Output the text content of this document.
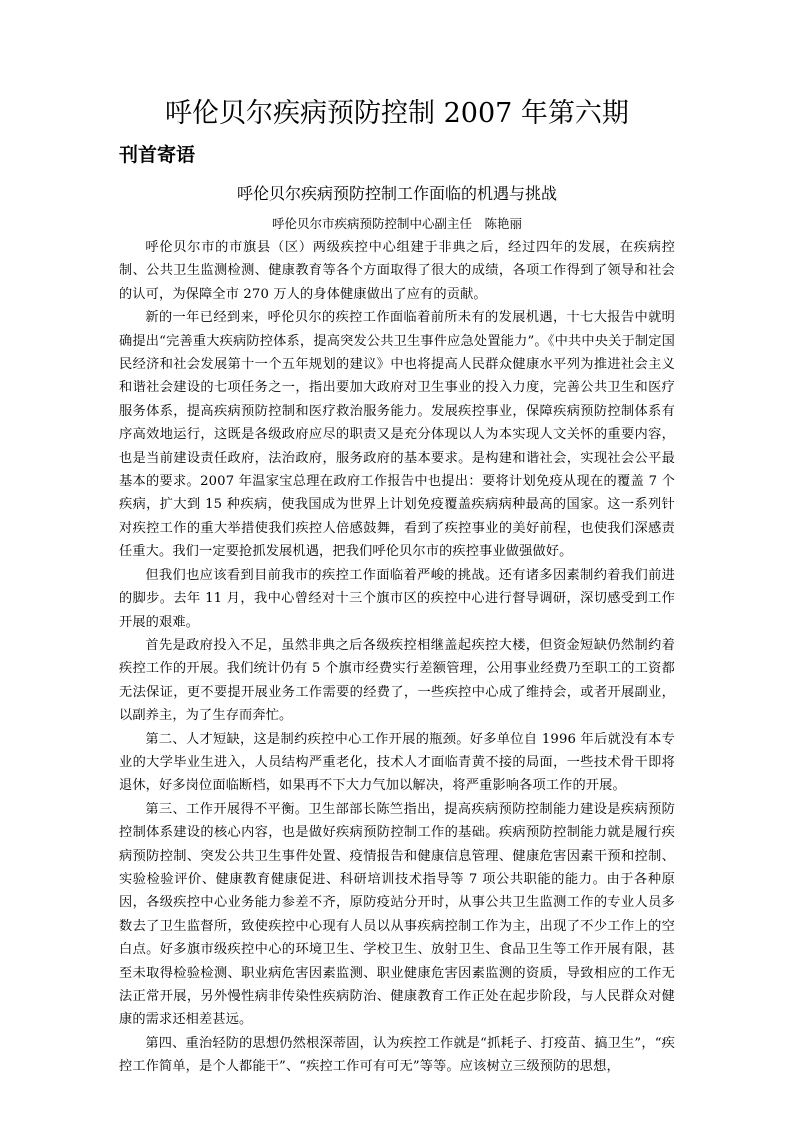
呼伦贝尔疾病预防控制 2007 年第六期
刊首寄语
呼伦贝尔疾病预防控制工作面临的机遇与挑战
呼伦贝尔市疾病预防控制中心副主任　陈艳丽

呼伦贝尔市的市旗县（区）两级疾控中心组建于非典之后，经过四年的发展，在疾病控制、公共卫生监测检测、健康教育等各个方面取得了很大的成绩，各项工作得到了领导和社会的认可，为保障全市 270 万人的身体健康做出了应有的贡献。

新的一年已经到来，呼伦贝尔的疾控工作面临着前所未有的发展机遇，十七大报告中就明确提出“完善重大疾病防控体系，提高突发公共卫生事件应急处置能力”。《中共中央关于制定国民经济和社会发展第十一个五年规划的建议》中也将提高人民群众健康水平列为推进社会主义和谐社会建设的七项任务之一，指出要加大政府对卫生事业的投入力度，完善公共卫生和医疗服务体系，提高疾病预防控制和医疗救治服务能力。发展疾控事业，保障疾病预防控制体系有序高效地运行，这既是各级政府应尽的职责又是充分体现以人为本实现人文关怀的重要内容，也是当前建设责任政府，法治政府，服务政府的基本要求。是构建和谐社会，实现社会公平最基本的要求。2007 年温家宝总理在政府工作报告中也提出：要将计划免疫从现在的覆盖 7 个疾病，扩大到 15 种疾病，使我国成为世界上计划免疫覆盖疾病病种最高的国家。这一系列针对疾控工作的重大举措使我们疾控人倍感鼓舞，看到了疾控事业的美好前程，也使我们深感责任重大。我们一定要抢抓发展机遇，把我们呼伦贝尔市的疾控事业做强做好。

但我们也应该看到目前我市的疾控工作面临着严峻的挑战。还有诸多因素制约着我们前进的脚步。去年 11 月，我中心曾经对十三个旗市区的疾控中心进行督导调研，深切感受到工作开展的艰难。

首先是政府投入不足，虽然非典之后各级疾控相继盖起疾控大楼，但资金短缺仍然制约着疾控工作的开展。我们统计仍有 5 个旗市经费实行差额管理，公用事业经费乃至职工的工资都无法保证，更不要提开展业务工作需要的经费了，一些疾控中心成了维持会，或者开展副业，以副养主，为了生存而奔忙。

第二、人才短缺，这是制约疾控中心工作开展的瓶颈。好多单位自 1996 年后就没有本专业的大学毕业生进入，人员结构严重老化，技术人才面临青黄不接的局面，一些技术骨干即将退休，好多岗位面临断档，如果再不下大力气加以解决，将严重影响各项工作的开展。

第三、工作开展得不平衡。卫生部部长陈竺指出，提高疾病预防控制能力建设是疾病预防控制体系建设的核心内容，也是做好疾病预防控制工作的基础。疾病预防控制能力就是履行疾病预防控制、突发公共卫生事件处置、疫情报告和健康信息管理、健康危害因素干预和控制、实验检验评价、健康教育健康促进、科研培训技术指导等 7 项公共职能的能力。由于各种原因，各级疾控中心业务能力参差不齐，原防疫站分开时，从事公共卫生监测工作的专业人员多数去了卫生监督所，致使疾控中心现有人员以从事疾病控制工作为主，出现了不少工作上的空白点。好多旗市级疾控中心的环境卫生、学校卫生、放射卫生、食品卫生等工作开展有限，甚至未取得检验检测、职业病危害因素监测、职业健康危害因素监测的资质，导致相应的工作无法正常开展，另外慢性病非传染性疾病防治、健康教育工作正处在起步阶段，与人民群众对健康的需求还相差甚远。

第四、重治轻防的思想仍然根深蒂固，认为疾控工作就是“抓耗子、打疫苗、搞卫生”，“疾控工作简单，是个人都能干”、“疾控工作可有可无”等等。应该树立三级预防的思想，
